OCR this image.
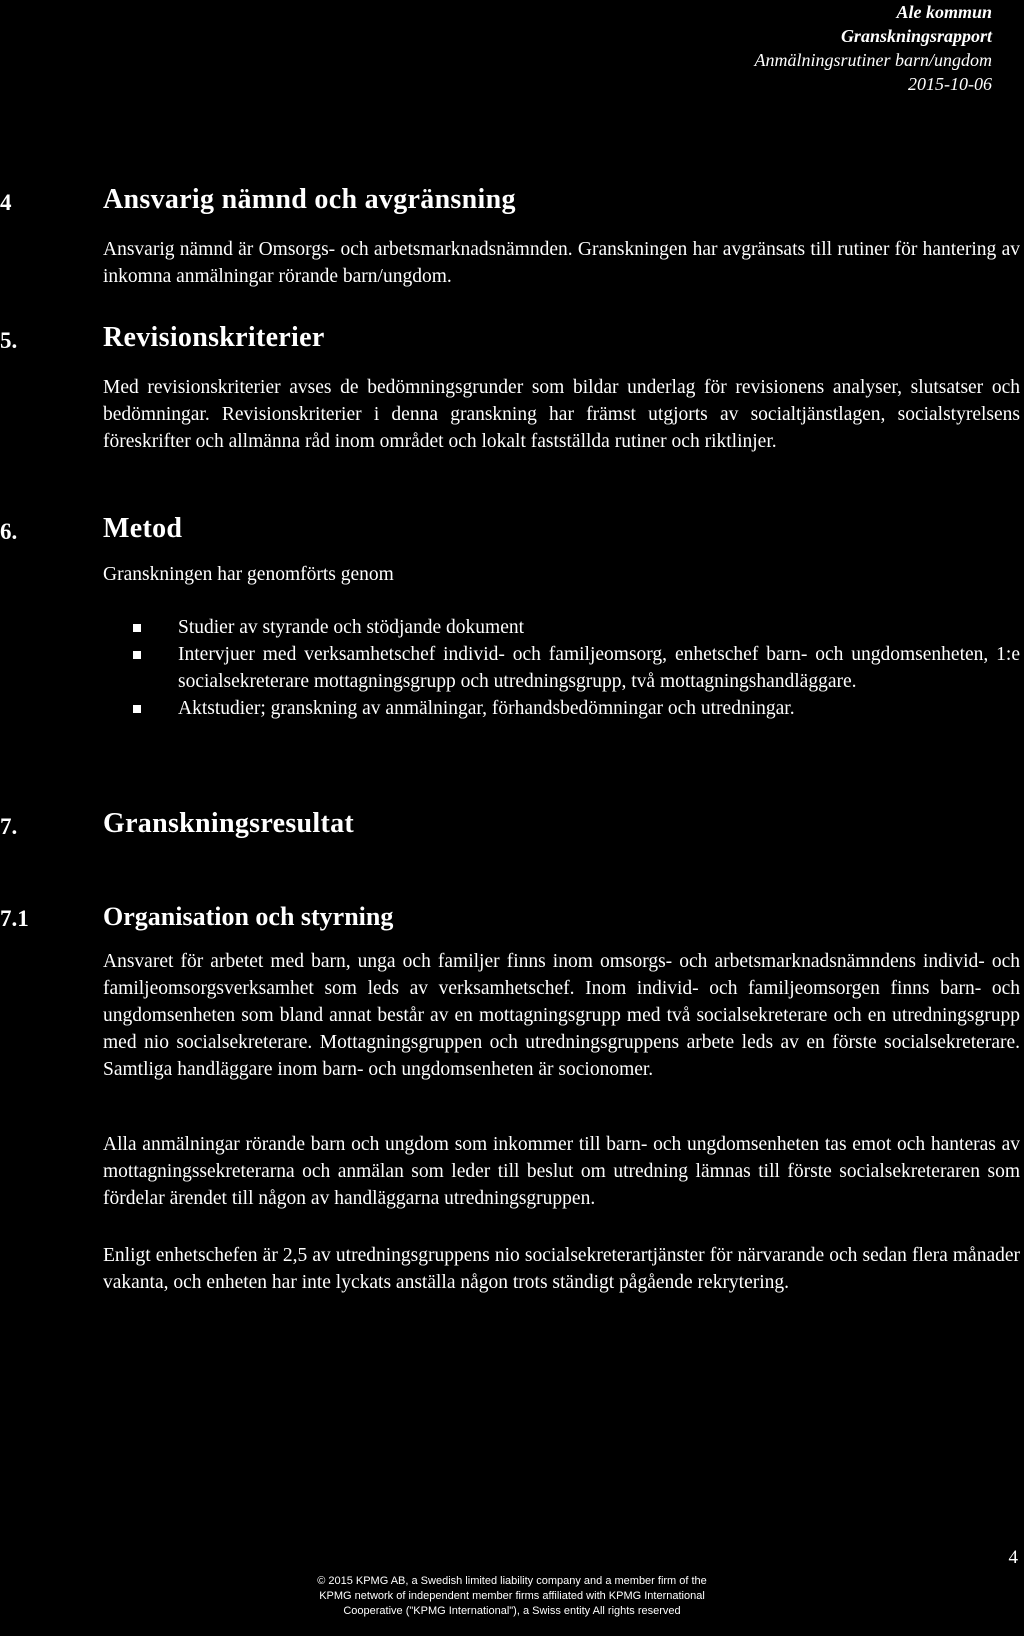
Ale kommun
Granskningsrapport
Anmälningsrutiner barn/ungdom
2015-10-06
4	Ansvarig nämnd och avgränsning
Ansvarig nämnd är Omsorgs- och arbetsmarknadsnämnden. Granskningen har avgränsats till rutiner för hantering av inkomna anmälningar rörande barn/ungdom.
5.	Revisionskriterier
Med revisionskriterier avses de bedömningsgrunder som bildar underlag för revisionens analyser, slutsatser och bedömningar. Revisionskriterier i denna granskning har främst utgjorts av socialtjänstlagen, socialstyrelsens föreskrifter och allmänna råd inom området och lokalt fastställda rutiner och riktlinjer.
6.	Metod
Granskningen har genomförts genom
Studier av styrande och stödjande dokument
Intervjuer med verksamhetschef individ- och familjeomsorg, enhetschef barn- och ungdomsenheten, 1:e socialsekreterare mottagningsgrupp och utredningsgrupp, två mottagningshandläggare.
Aktstudier; granskning av anmälningar, förhandsbedömningar och utredningar.
7.	Granskningsresultat
7.1	Organisation och styrning
Ansvaret för arbetet med barn, unga och familjer finns inom omsorgs- och arbetsmarknadsnämndens individ- och familjeomsorgsverksamhet som leds av verksamhetschef. Inom individ- och familjeomsorgen finns barn- och ungdomsenheten som bland annat består av en mottagningsgrupp med två socialsekreterare och en utredningsgrupp med nio socialsekreterare. Mottagningsgruppen och utredningsgruppens arbete leds av en förste socialsekreterare. Samtliga handläggare inom barn- och ungdomsenheten är socionomer.
Alla anmälningar rörande barn och ungdom som inkommer till barn- och ungdomsenheten tas emot och hanteras av mottagningssekreterarna och anmälan som leder till beslut om utredning lämnas till förste socialsekreteraren som fördelar ärendet till någon av handläggarna utredningsgruppen.
Enligt enhetschefen är 2,5 av utredningsgruppens nio socialsekreterartjänster för närvarande och sedan flera månader vakanta, och enheten har inte lyckats anställa någon trots ständigt pågående rekrytering.
4
© 2015 KPMG AB, a Swedish limited liability company and a member firm of the
KPMG network of independent member firms affiliated with KPMG International
Cooperative ("KPMG International"), a Swiss entity All rights reserved
